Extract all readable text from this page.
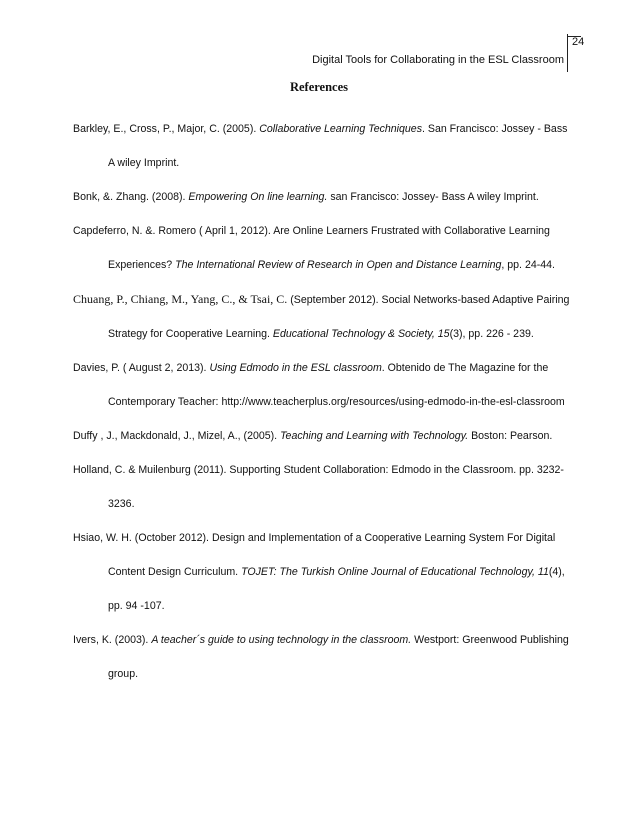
24
Digital Tools for Collaborating in the ESL Classroom
References

Barkley, E., Cross, P., Major, C. (2005). Collaborative Learning Techniques. San Francisco: Jossey - Bass A wiley Imprint.

Bonk, &. Zhang. (2008). Empowering On line learning. san Francisco: Jossey- Bass A wiley Imprint.

Capdeferro, N. &. Romero ( April 1, 2012). Are Online Learners Frustrated with Collaborative Learning Experiences? The International Review of Research in Open and Distance Learning, pp. 24-44.

Chuang, P., Chiang, M., Yang, C., & Tsai, C. (September 2012). Social Networks-based Adaptive Pairing Strategy for Cooperative Learning. Educational Technology & Society, 15(3), pp. 226 - 239.

Davies, P. ( August 2, 2013). Using Edmodo in the ESL classroom. Obtenido de The Magazine for the Contemporary Teacher: http://www.teacherplus.org/resources/using-edmodo-in-the-esl-classroom

Duffy , J., Mackdonald, J., Mizel, A., (2005). Teaching and Learning with Technology. Boston: Pearson.

Holland, C. & Muilenburg (2011). Supporting Student Collaboration: Edmodo in the Classroom. pp. 3232-3236.

Hsiao, W. H. (October 2012). Design and Implementation of a Cooperative Learning System For Digital Content Design Curriculum. TOJET: The Turkish Online Journal of Educational Technology, 11(4), pp. 94 -107.

Ivers, K. (2003). A teacher´s guide to using technology in the classroom. Westport: Greenwood Publishing group.
